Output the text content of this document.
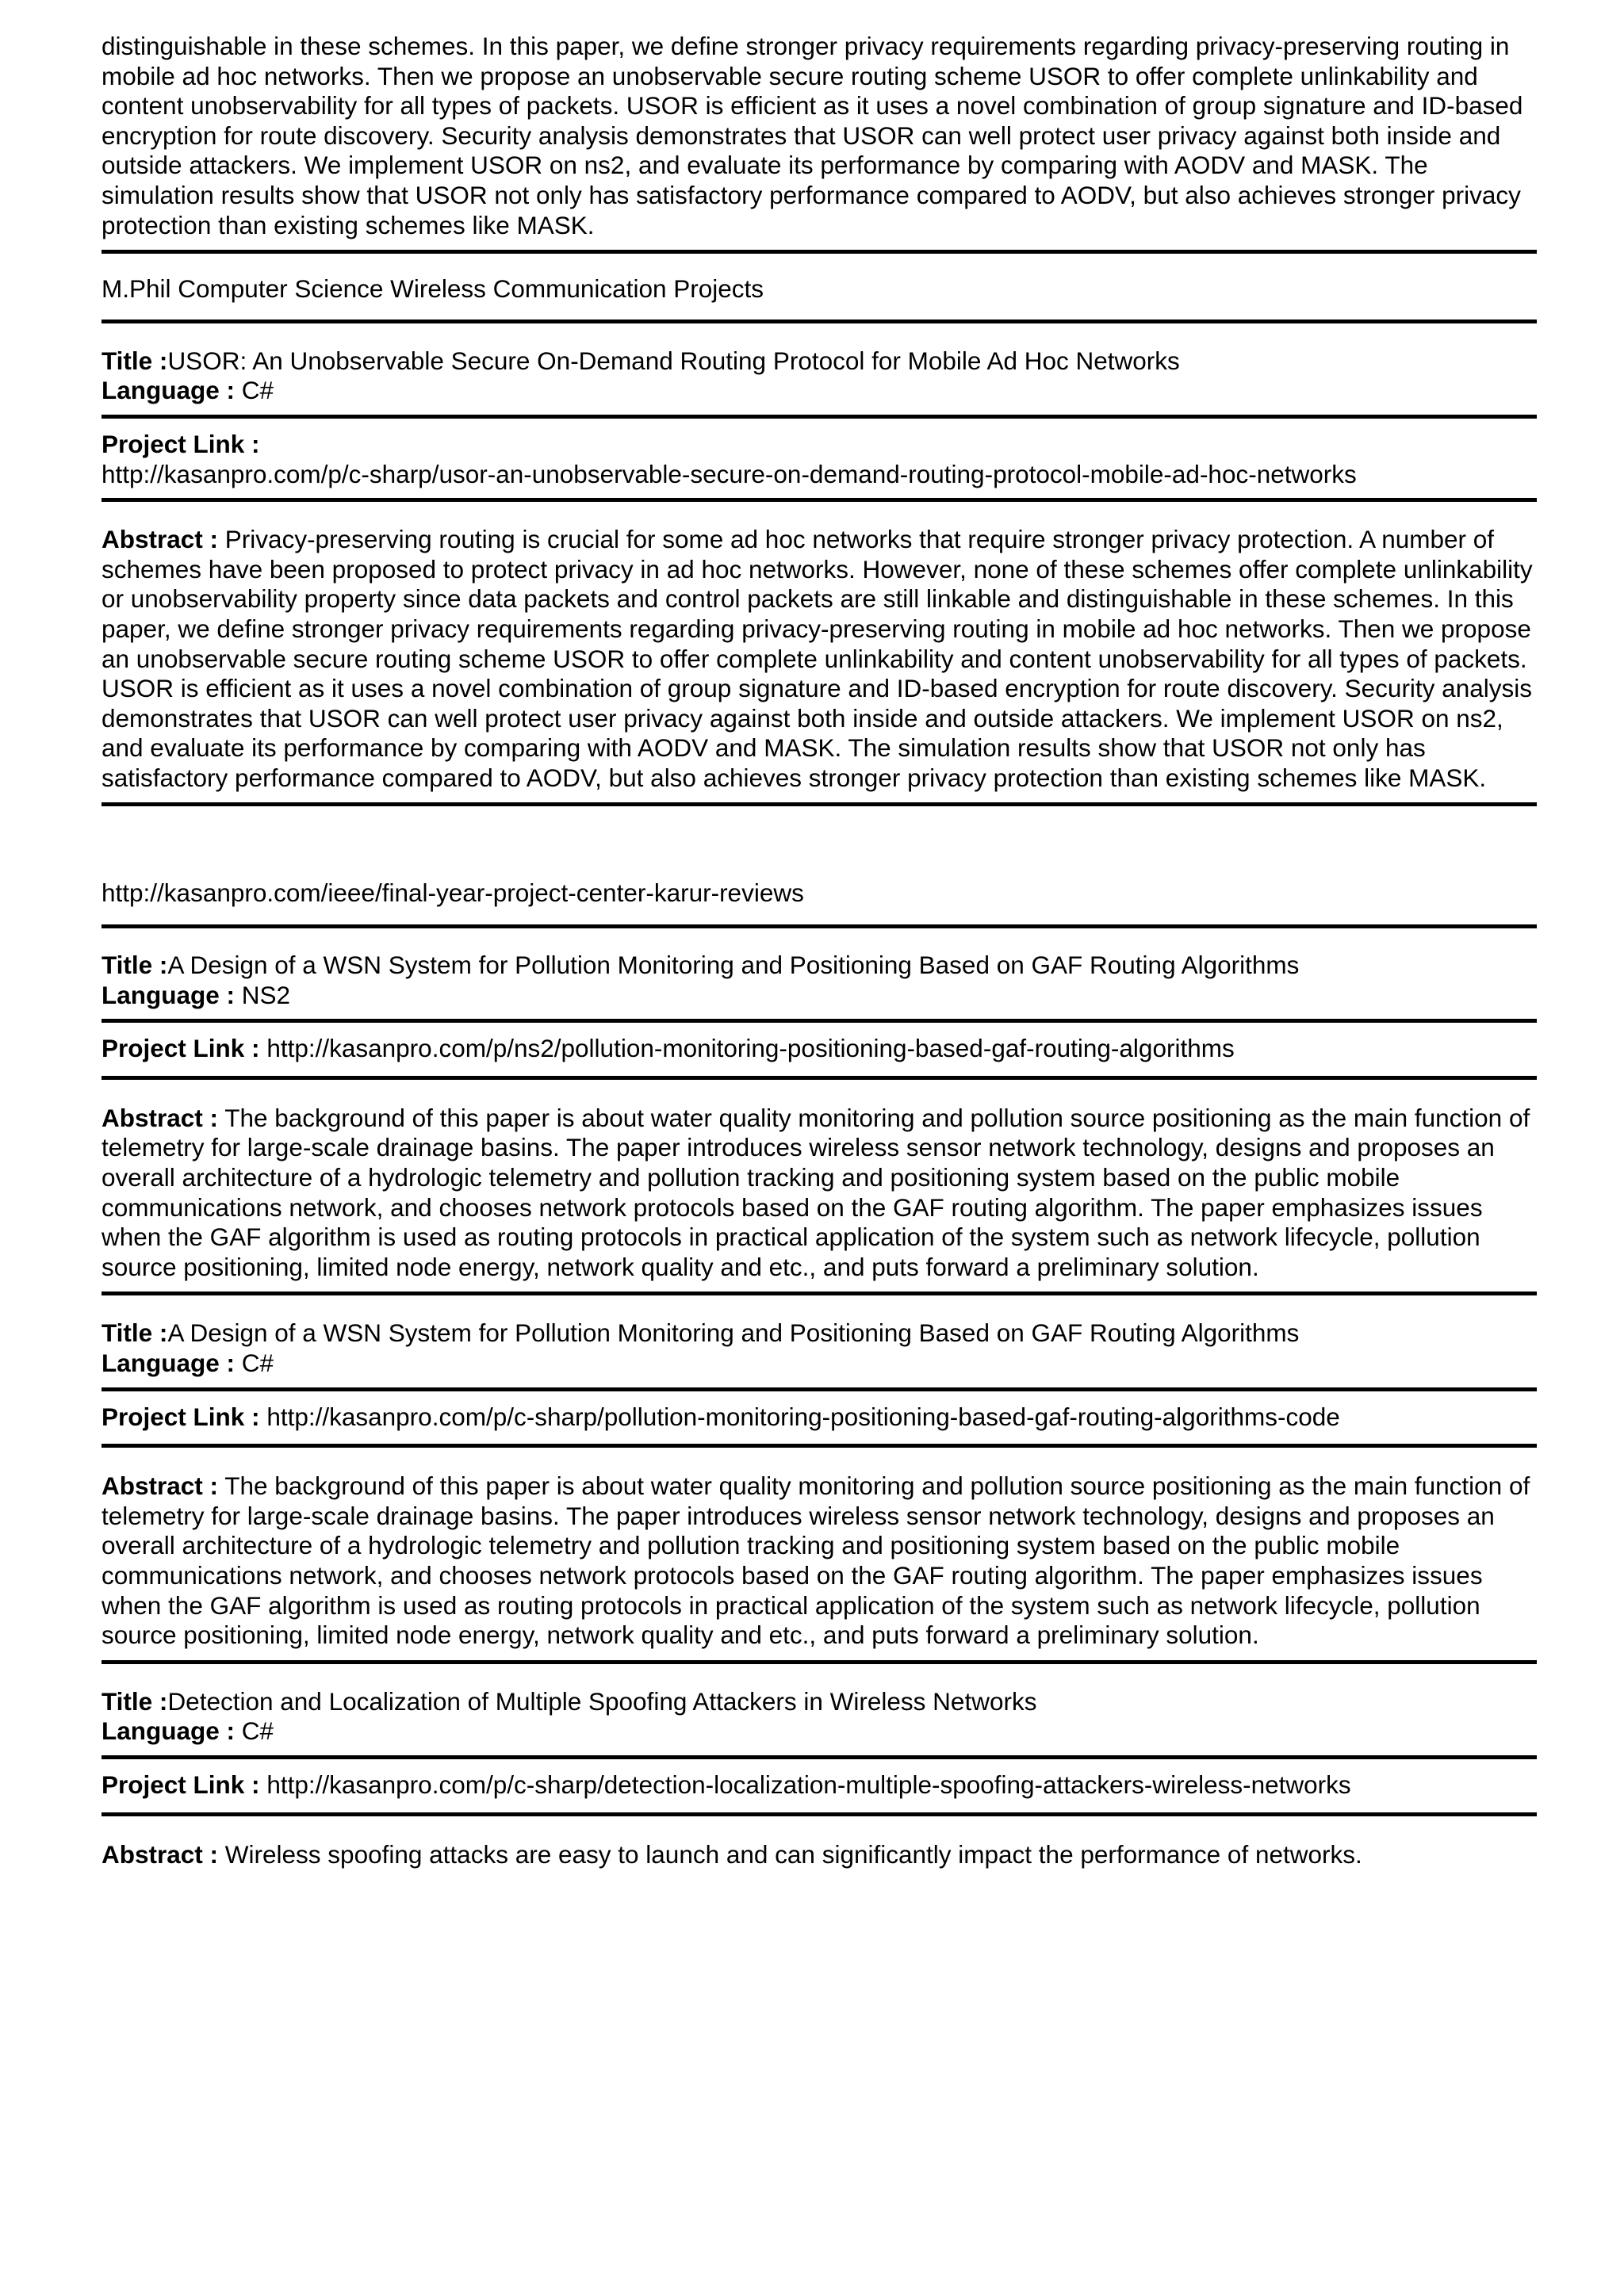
distinguishable in these schemes. In this paper, we define stronger privacy requirements regarding privacy-preserving routing in mobile ad hoc networks. Then we propose an unobservable secure routing scheme USOR to offer complete unlinkability and content unobservability for all types of packets. USOR is efficient as it uses a novel combination of group signature and ID-based encryption for route discovery. Security analysis demonstrates that USOR can well protect user privacy against both inside and outside attackers. We implement USOR on ns2, and evaluate its performance by comparing with AODV and MASK. The simulation results show that USOR not only has satisfactory performance compared to AODV, but also achieves stronger privacy protection than existing schemes like MASK.

M.Phil Computer Science Wireless Communication Projects

Title :USOR: An Unobservable Secure On-Demand Routing Protocol for Mobile Ad Hoc Networks

Language : C#

Project Link :
http://kasanpro.com/p/c-sharp/usor-an-unobservable-secure-on-demand-routing-protocol-mobile-ad-hoc-networks

Abstract : Privacy-preserving routing is crucial for some ad hoc networks that require stronger privacy protection. A number of schemes have been proposed to protect privacy in ad hoc networks. However, none of these schemes offer complete unlinkability or unobservability property since data packets and control packets are still linkable and distinguishable in these schemes. In this paper, we define stronger privacy requirements regarding privacy-preserving routing in mobile ad hoc networks. Then we propose an unobservable secure routing scheme USOR to offer complete unlinkability and content unobservability for all types of packets. USOR is efficient as it uses a novel combination of group signature and ID-based encryption for route discovery. Security analysis demonstrates that USOR can well protect user privacy against both inside and outside attackers. We implement USOR on ns2, and evaluate its performance by comparing with AODV and MASK. The simulation results show that USOR not only has satisfactory performance compared to AODV, but also achieves stronger privacy protection than existing schemes like MASK.

http://kasanpro.com/ieee/final-year-project-center-karur-reviews

Title :A Design of a WSN System for Pollution Monitoring and Positioning Based on GAF Routing Algorithms

Language : NS2

Project Link : http://kasanpro.com/p/ns2/pollution-monitoring-positioning-based-gaf-routing-algorithms

Abstract : The background of this paper is about water quality monitoring and pollution source positioning as the main function of telemetry for large-scale drainage basins. The paper introduces wireless sensor network technology, designs and proposes an overall architecture of a hydrologic telemetry and pollution tracking and positioning system based on the public mobile communications network, and chooses network protocols based on the GAF routing algorithm. The paper emphasizes issues when the GAF algorithm is used as routing protocols in practical application of the system such as network lifecycle, pollution source positioning, limited node energy, network quality and etc., and puts forward a preliminary solution.

Title :A Design of a WSN System for Pollution Monitoring and Positioning Based on GAF Routing Algorithms

Language : C#

Project Link : http://kasanpro.com/p/c-sharp/pollution-monitoring-positioning-based-gaf-routing-algorithms-code

Abstract : The background of this paper is about water quality monitoring and pollution source positioning as the main function of telemetry for large-scale drainage basins. The paper introduces wireless sensor network technology, designs and proposes an overall architecture of a hydrologic telemetry and pollution tracking and positioning system based on the public mobile communications network, and chooses network protocols based on the GAF routing algorithm. The paper emphasizes issues when the GAF algorithm is used as routing protocols in practical application of the system such as network lifecycle, pollution source positioning, limited node energy, network quality and etc., and puts forward a preliminary solution.

Title :Detection and Localization of Multiple Spoofing Attackers in Wireless Networks

Language : C#

Project Link : http://kasanpro.com/p/c-sharp/detection-localization-multiple-spoofing-attackers-wireless-networks

Abstract : Wireless spoofing attacks are easy to launch and can significantly impact the performance of networks.
